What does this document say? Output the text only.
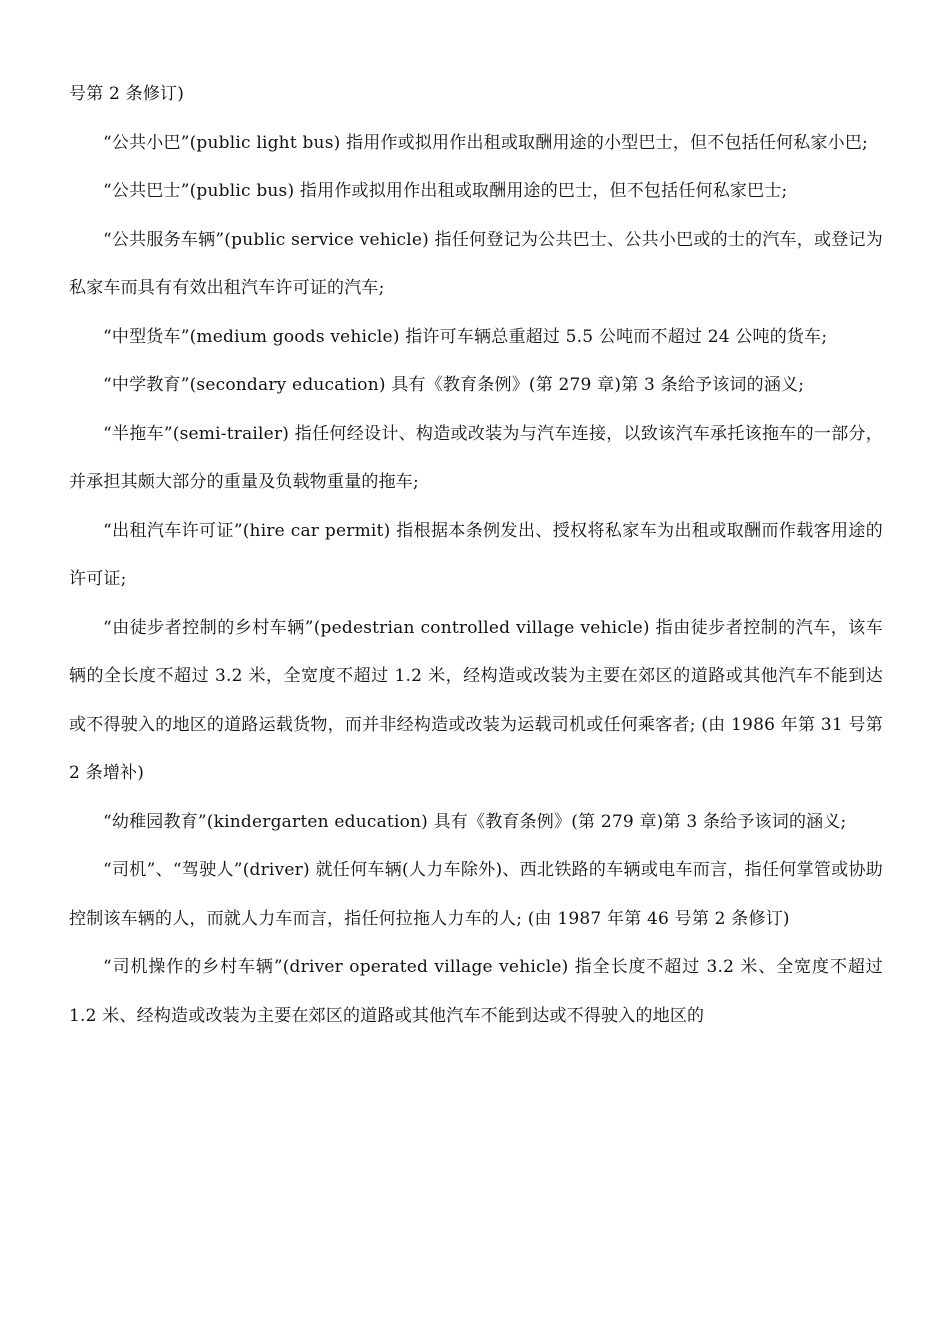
号第 2 条修订)

“公共小巴”(public light bus) 指用作或拟用作出租或取酬用途的小型巴士，但不包括任何私家小巴;

“公共巴士”(public bus) 指用作或拟用作出租或取酬用途的巴士，但不包括任何私家巴士;

“公共服务车辆”(public service vehicle) 指任何登记为公共巴士、公共小巴或的士的汽车，或登记为私家车而具有有效出租汽车许可证的汽车;

“中型货车”(medium goods vehicle) 指许可车辆总重超过 5.5 公吨而不超过 24 公吨的货车;

“中学教育”(secondary education) 具有《教育条例》(第 279 章)第 3 条给予该词的涵义;

“半拖车”(semi-trailer) 指任何经设计、构造或改装为与汽车连接，以致该汽车承托该拖车的一部分，并承担其颇大部分的重量及负载物重量的拖车;

“出租汽车许可证”(hire car permit) 指根据本条例发出、授权将私家车为出租或取酬而作载客用途的许可证;

“由徒步者控制的乡村车辆”(pedestrian controlled village vehicle) 指由徒步者控制的汽车，该车辆的全长度不超过 3.2 米，全宽度不超过 1.2 米，经构造或改装为主要在郊区的道路或其他汽车不能到达或不得驶入的地区的道路运载货物，而并非经构造或改装为运载司机或任何乘客者; (由 1986 年第 31 号第 2 条增补)

“幼稚园教育”(kindergarten education) 具有《教育条例》(第 279 章)第 3 条给予该词的涵义;

“司机”、“驾驶人”(driver) 就任何车辆(人力车除外)、西北铁路的车辆或电车而言，指任何掌管或协助控制该车辆的人，而就人力车而言，指任何拉拖人力车的人; (由 1987 年第 46 号第 2 条修订)

“司机操作的乡村车辆”(driver operated village vehicle) 指全长度不超过 3.2 米、全宽度不超过 1.2 米、经构造或改装为主要在郊区的道路或其他汽车不能到达或不得驶入的地区的
